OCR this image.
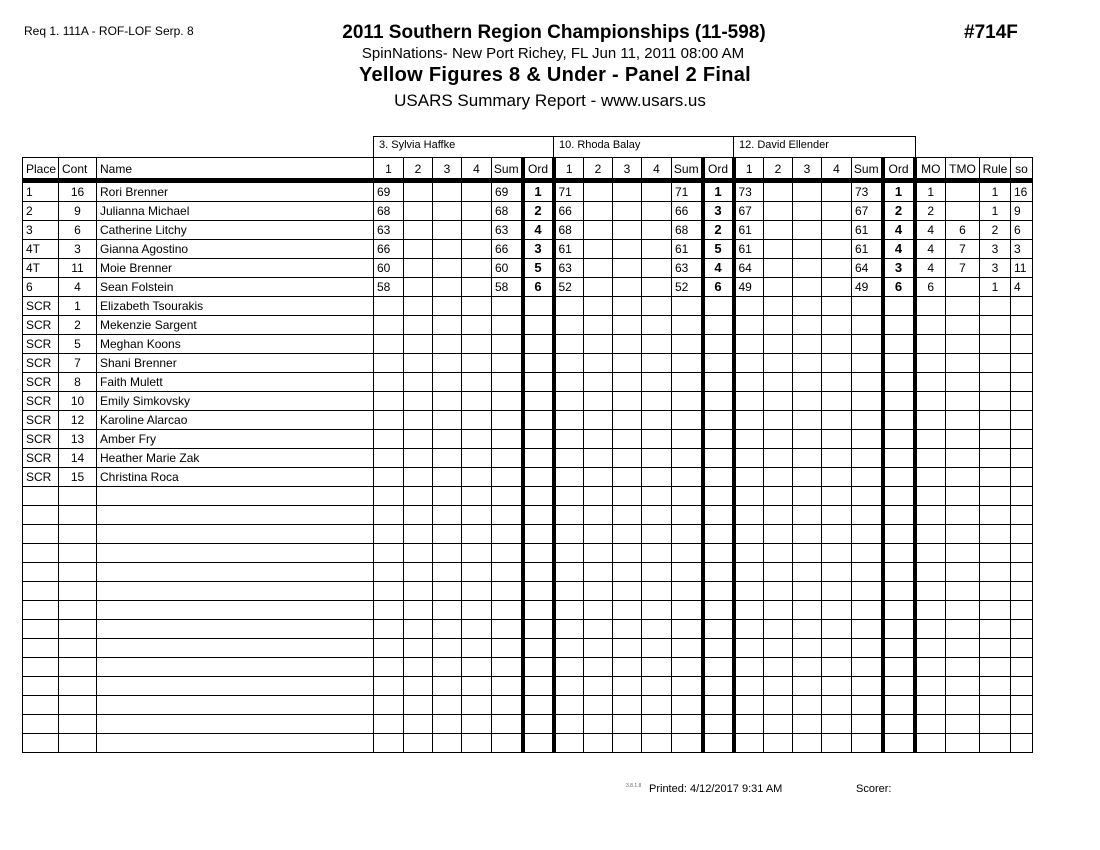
Req 1. 111A - ROF-LOF Serp. 8	#714F
2011 Southern Region Championships (11-598)
SpinNations- New Port Richey, FL Jun 11, 2011 08:00 AM
Yellow Figures 8 & Under - Panel 2 Final
USARS Summary Report - www.usars.us
3. Sylvia Haffke	10. Rhoda Balay	12. David Ellender
Place	Cont	Name	1	2	3	4	Sum	Ord	1	2	3	4	Sum	Ord	1	2	3	4	Sum	Ord	MO	TMO	Rule	so
1	16	Rori Brenner	69				69	1	71				71	1	73				73	1	1		1	16
2	9	Julianna Michael	68				68	2	66				66	3	67				67	2	2		1	9
3	6	Catherine Litchy	63				63	4	68				68	2	61				61	4	4	6	2	6
4T	3	Gianna Agostino	66				66	3	61				61	5	61				61	4	4	7	3	3
4T	11	Moie Brenner	60				60	5	63				63	4	64				64	3	4	7	3	11
6	4	Sean Folstein	58				58	6	52				52	6	49				49	6	6		1	4
SCR	1	Elizabeth Tsourakis																						
SCR	2	Mekenzie Sargent																						
SCR	5	Meghan Koons																						
SCR	7	Shani Brenner																						
SCR	8	Faith Mulett																						
SCR	10	Emily Simkovsky																						
SCR	12	Karoline Alarcao																						
SCR	13	Amber Fry																						
SCR	14	Heather Marie Zak																						
SCR	15	Christina Roca																						

3.8.1.8 Printed: 4/12/2017 9:31 AM	Scorer:
